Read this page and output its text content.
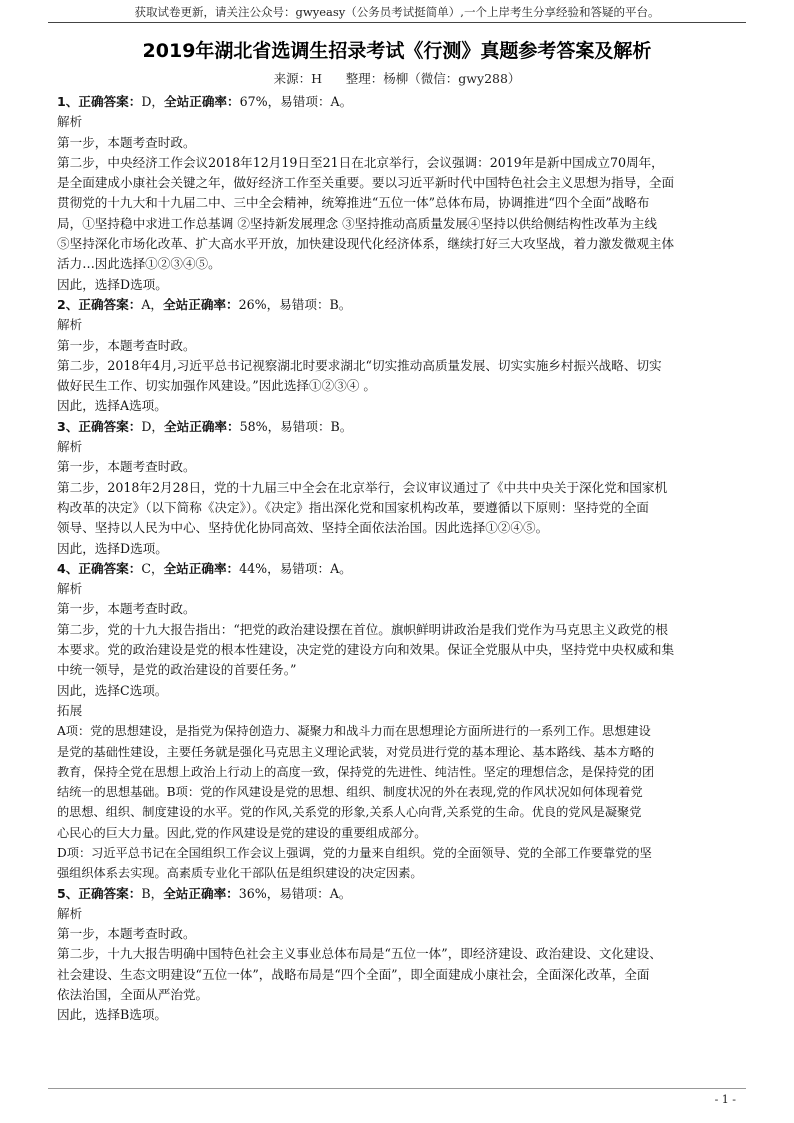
获取试卷更新，请关注公众号：gwyeasy（公务员考试挺简单）,一个上岸考生分享经验和答疑的平台。
2019年湖北省选调生招录考试《行测》真题参考答案及解析
来源：H      整理：杨柳（微信：gwy288）
1、正确答案：D，全站正确率：67%，易错项：A。
解析
第一步，本题考查时政。
第二步，中央经济工作会议2018年12月19日至21日在北京举行，会议强调：2019年是新中国成立70周年，
是全面建成小康社会关键之年，做好经济工作至关重要。要以习近平新时代中国特色社会主义思想为指导，全面
贯彻党的十九大和十九届二中、三中全会精神，统筹推进“五位一体”总体布局，协调推进“四个全面”战略布
局，①坚持稳中求进工作总基调 ②坚持新发展理念 ③坚持推动高质量发展④坚持以供给侧结构性改革为主线
⑤坚持深化市场化改革、扩大高水平开放，加快建设现代化经济体系，继续打好三大攻坚战，着力激发微观主体
活力…因此选择①②③④⑤。
因此，选择D选项。
2、正确答案：A，全站正确率：26%，易错项：B。
解析
第一步，本题考查时政。
第二步，2018年4月,习近平总书记视察湖北时要求湖北“切实推动高质量发展、切实实施乡村振兴战略、切实
做好民生工作、切实加强作风建设。”因此选择①②③④ 。
因此，选择A选项。
3、正确答案：D，全站正确率：58%，易错项：B。
解析
第一步，本题考查时政。
第二步，2018年2月28日，党的十九届三中全会在北京举行，会议审议通过了《中共中央关于深化党和国家机
构改革的决定》（以下简称《决定》）。《决定》指出深化党和国家机构改革，要遵循以下原则：坚持党的全面
领导、坚持以人民为中心、坚持优化协同高效、坚持全面依法治国。因此选择①②④⑤。
因此，选择D选项。
4、正确答案：C，全站正确率：44%，易错项：A。
解析
第一步，本题考查时政。
第二步，党的十九大报告指出：“把党的政治建设摆在首位。旗帜鲜明讲政治是我们党作为马克思主义政党的根
本要求。党的政治建设是党的根本性建设，决定党的建设方向和效果。保证全党服从中央，坚持党中央权威和集
中统一领导，是党的政治建设的首要任务。”
因此，选择C选项。
拓展
A项：党的思想建设，是指党为保持创造力、凝聚力和战斗力而在思想理论方面所进行的一系列工作。思想建设
是党的基础性建设，主要任务就是强化马克思主义理论武装，对党员进行党的基本理论、基本路线、基本方略的
教育，保持全党在思想上政治上行动上的高度一致，保持党的先进性、纯洁性。坚定的理想信念，是保持党的团
结统一的思想基础。B项：党的作风建设是党的思想、组织、制度状况的外在表现,党的作风状况如何体现着党
的思想、组织、制度建设的水平。党的作风,关系党的形象,关系人心向背,关系党的生命。优良的党风是凝聚党
心民心的巨大力量。因此,党的作风建设是党的建设的重要组成部分。
D项：习近平总书记在全国组织工作会议上强调，党的力量来自组织。党的全面领导、党的全部工作要靠党的坚
强组织体系去实现。高素质专业化干部队伍是组织建设的决定因素。
5、正确答案：B，全站正确率：36%，易错项：A。
解析
第一步，本题考查时政。
第二步，十九大报告明确中国特色社会主义事业总体布局是“五位一体”，即经济建设、政治建设、文化建设、
社会建设、生态文明建设“五位一体”，战略布局是“四个全面”，即全面建成小康社会，全面深化改革，全面
依法治国，全面从严治党。
因此，选择B选项。
- 1 -
